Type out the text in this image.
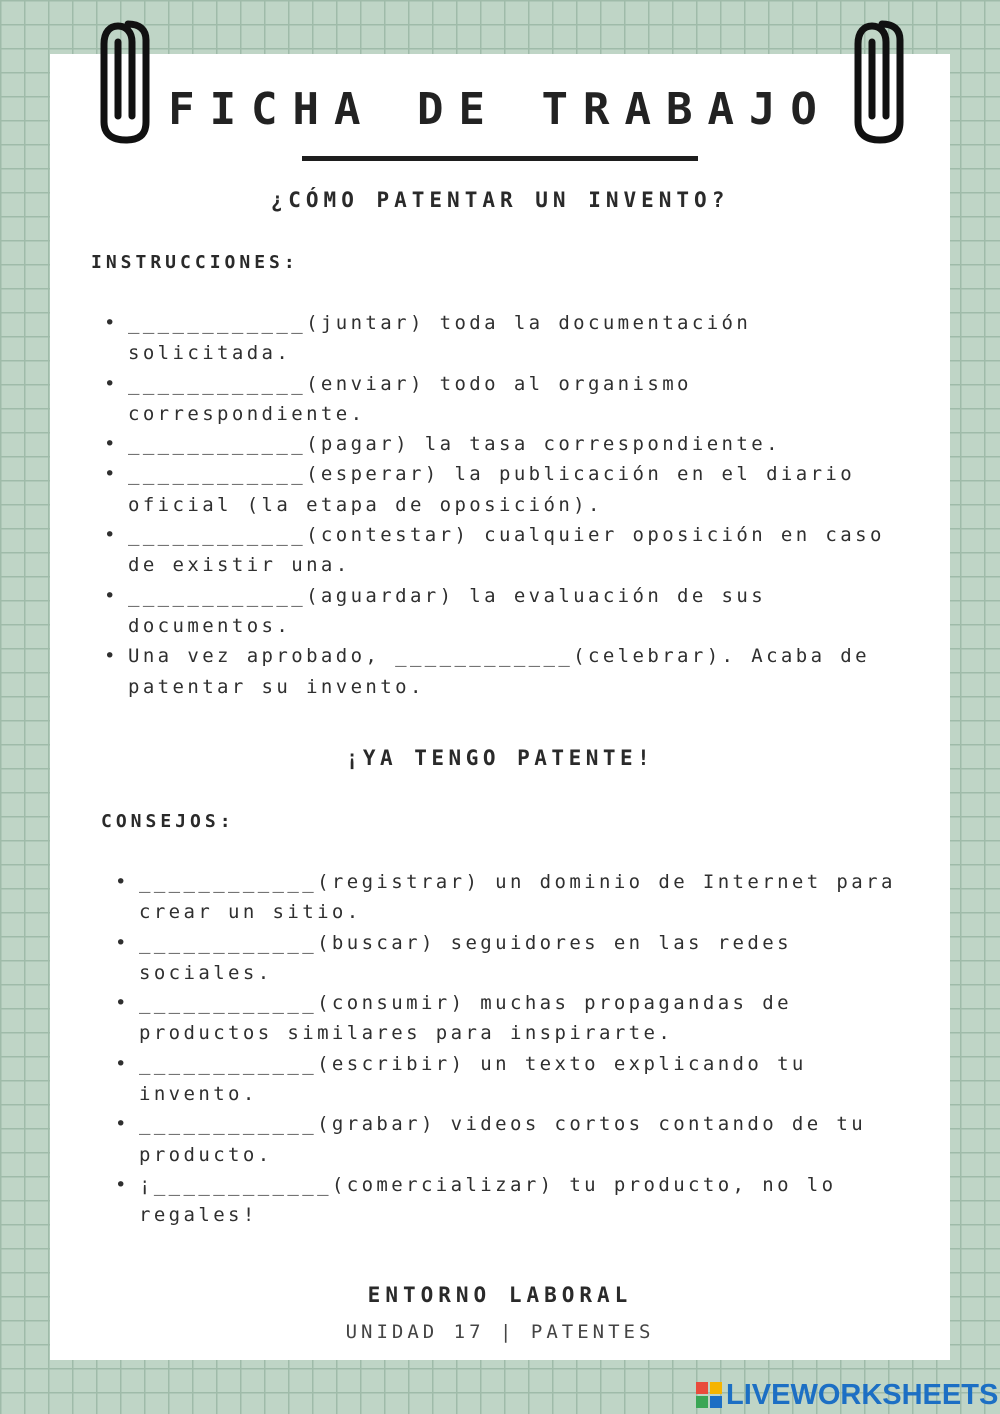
FICHA DE TRABAJO
¿CÓMO PATENTAR UN INVENTO?
INSTRUCCIONES:
• ____________(juntar) toda la documentación solicitada.
• ____________(enviar) todo al organismo correspondiente.
• ____________(pagar) la tasa correspondiente.
• ____________(esperar) la publicación en el diario oficial (la etapa de oposición).
• ____________(contestar) cualquier oposición en caso de existir una.
• ____________(aguardar) la evaluación de sus documentos.
• Una vez aprobado, ____________(celebrar). Acaba de patentar su invento.
¡YA TENGO PATENTE!
CONSEJOS:
• ____________(registrar) un dominio de Internet para crear un sitio.
• ____________(buscar) seguidores en las redes sociales.
• ____________(consumir) muchas propagandas de productos similares para inspirarte.
• ____________(escribir) un texto explicando tu invento.
• ____________(grabar) videos cortos contando de tu producto.
• ¡____________(comercializar) tu producto, no lo regales!
ENTORNO LABORAL
UNIDAD 17 | PATENTES
LIVEWORKSHEETS
